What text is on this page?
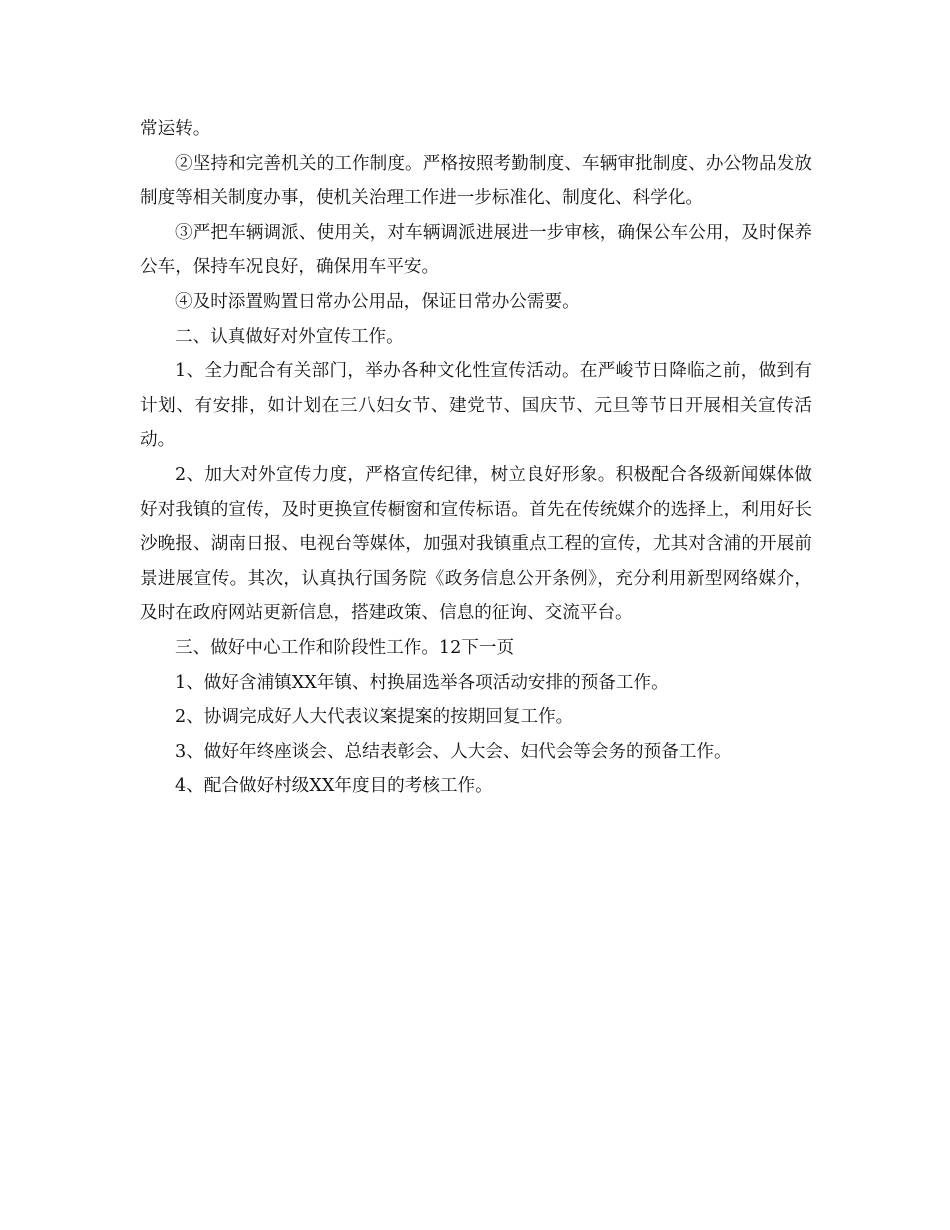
常运转。

②坚持和完善机关的工作制度。严格按照考勤制度、车辆审批制度、办公物品发放制度等相关制度办事，使机关治理工作进一步标准化、制度化、科学化。

③严把车辆调派、使用关，对车辆调派进展进一步审核，确保公车公用，及时保养公车，保持车况良好，确保用车平安。

④及时添置购置日常办公用品，保证日常办公需要。

二、认真做好对外宣传工作。

1、全力配合有关部门，举办各种文化性宣传活动。在严峻节日降临之前，做到有计划、有安排，如计划在三八妇女节、建党节、国庆节、元旦等节日开展相关宣传活动。

2、加大对外宣传力度，严格宣传纪律，树立良好形象。积极配合各级新闻媒体做好对我镇的宣传，及时更换宣传橱窗和宣传标语。首先在传统媒介的选择上，利用好长沙晚报、湖南日报、电视台等媒体，加强对我镇重点工程的宣传，尤其对含浦的开展前景进展宣传。其次，认真执行国务院《政务信息公开条例》，充分利用新型网络媒介，及时在政府网站更新信息，搭建政策、信息的征询、交流平台。

三、做好中心工作和阶段性工作。12下一页

1、做好含浦镇XX年镇、村换届选举各项活动安排的预备工作。

2、协调完成好人大代表议案提案的按期回复工作。

3、做好年终座谈会、总结表彰会、人大会、妇代会等会务的预备工作。

4、配合做好村级XX年度目的考核工作。
